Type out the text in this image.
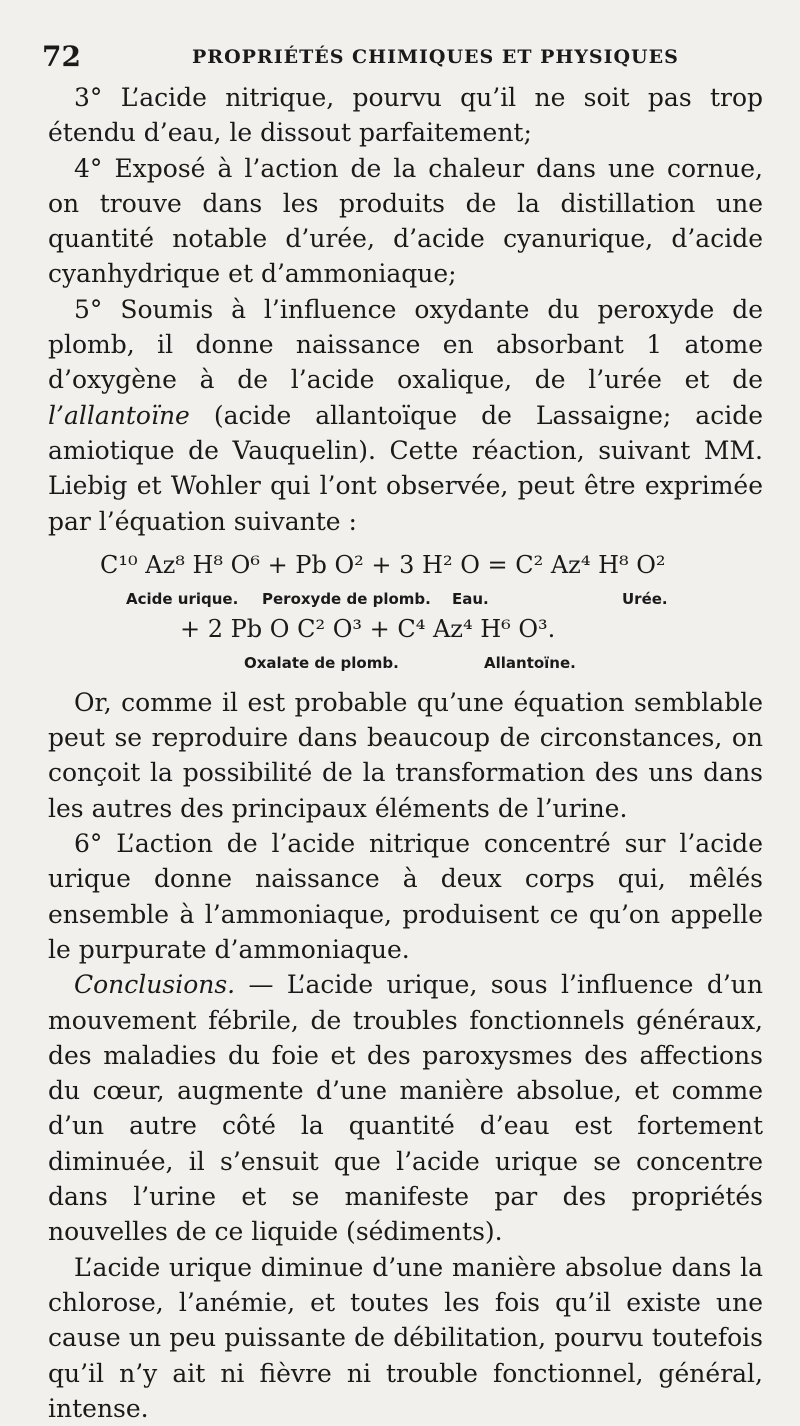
72	PROPRIÉTÉS CHIMIQUES ET PHYSIQUES

3° L’acide nitrique, pourvu qu’il ne soit pas trop étendu d’eau, le dissout parfaitement;

4° Exposé à l’action de la chaleur dans une cornue, on trouve dans les produits de la distillation une quantité notable d’urée, d’acide cyanurique, d’acide cyanhydrique et d’ammoniaque;

5° Soumis à l’influence oxydante du peroxyde de plomb, il donne naissance en absorbant 1 atome d’oxygène à de l’acide oxalique, de l’urée et de l’allantoïne (acide allantoïque de Lassaigne; acide amiotique de Vauquelin). Cette réaction, suivant MM. Liebig et Wohler qui l’ont observée, peut être exprimée par l’équation suivante :

C¹⁰ Az⁸ H⁸ O⁶ + Pb O² + 3 H² O = C² Az⁴ H⁸ O²
Acide urique. Peroxyde de plomb. Eau.	Urée.
+ 2 Pb O C² O³ + C⁴ Az⁴ H⁶ O³.
Oxalate de plomb.	Allantoïne.

Or, comme il est probable qu’une équation semblable peut se reproduire dans beaucoup de circonstances, on conçoit la possibilité de la transformation des uns dans les autres des principaux éléments de l’urine.

6° L’action de l’acide nitrique concentré sur l’acide urique donne naissance à deux corps qui, mêlés ensemble à l’ammoniaque, produisent ce qu’on appelle le purpurate d’ammoniaque.

Conclusions. — L’acide urique, sous l’influence d’un mouvement fébrile, de troubles fonctionnels généraux, des maladies du foie et des paroxysmes des affections du cœur, augmente d’une manière absolue, et comme d’un autre côté la quantité d’eau est fortement diminuée, il s’ensuit que l’acide urique se concentre dans l’urine et se manifeste par des propriétés nouvelles de ce liquide (sédiments).

L’acide urique diminue d’une manière absolue dans la chlorose, l’anémie, et toutes les fois qu’il existe une cause un peu puissante de débilitation, pourvu toutefois qu’il n’y ait ni fièvre ni trouble fonctionnel, général, intense.
